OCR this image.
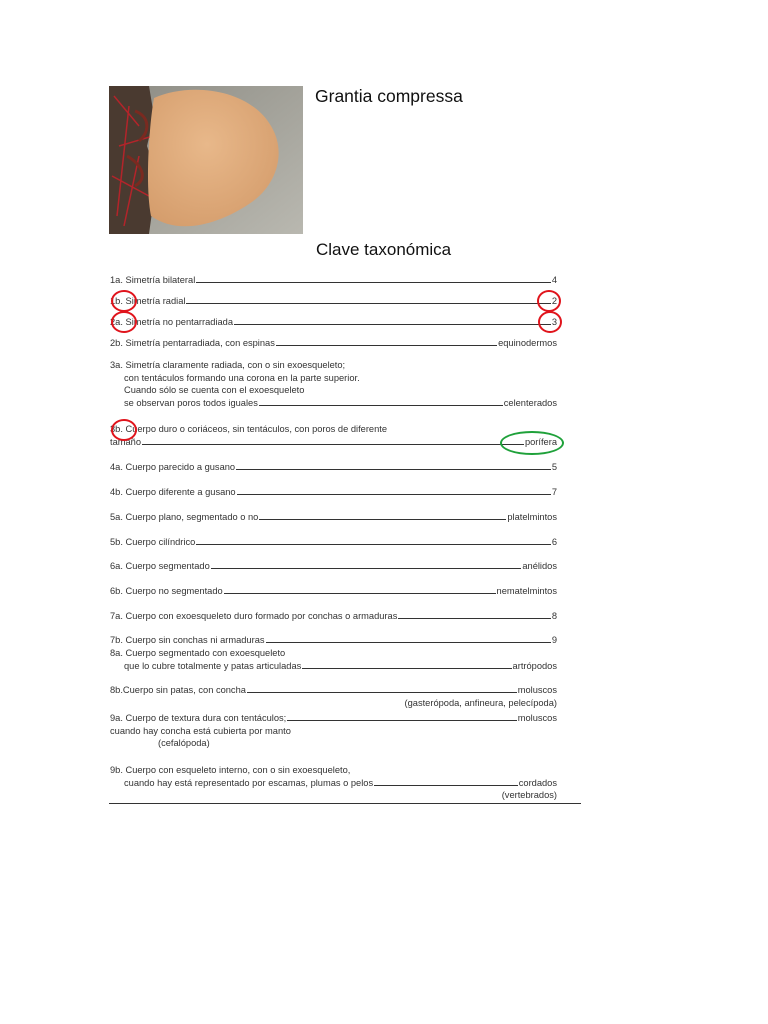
Grantia compressa
Clave taxonómica
1a. Simetría bilateral	4
1b. Simetría radial	2
2a. Simetría no pentarradiada	3
2b. Simetría pentarradiada, con espinas	equinodermos
3a. Simetría claramente radiada, con o sin exoesqueleto;
con tentáculos formando una corona en la parte superior.
Cuando sólo se cuenta con el exoesqueleto
se observan poros todos iguales	celenterados
3b. Cuerpo duro o coriáceos, sin tentáculos, con poros de diferente
tamaño	porífera
4a. Cuerpo parecido a gusano	5
4b. Cuerpo diferente a gusano	7
5a. Cuerpo plano, segmentado o no	platelmintos
5b. Cuerpo cilíndrico	6
6a. Cuerpo segmentado	anélidos
6b. Cuerpo no segmentado	nematelmintos
7a. Cuerpo con exoesqueleto duro formado por conchas o armaduras	8
7b. Cuerpo sin conchas ni armaduras	9
8a. Cuerpo segmentado con exoesqueleto
que lo cubre totalmente y patas articuladas	artrópodos
8b.Cuerpo sin patas, con concha	moluscos
(gasterópoda, anfineura, pelecípoda)
9a. Cuerpo de textura dura con tentáculos;	moluscos
cuando hay concha está cubierta por manto
(cefalópoda)
9b. Cuerpo con esqueleto interno, con o sin exoesqueleto,
cuando hay está representado por escamas, plumas o pelos	cordados
(vertebrados)
